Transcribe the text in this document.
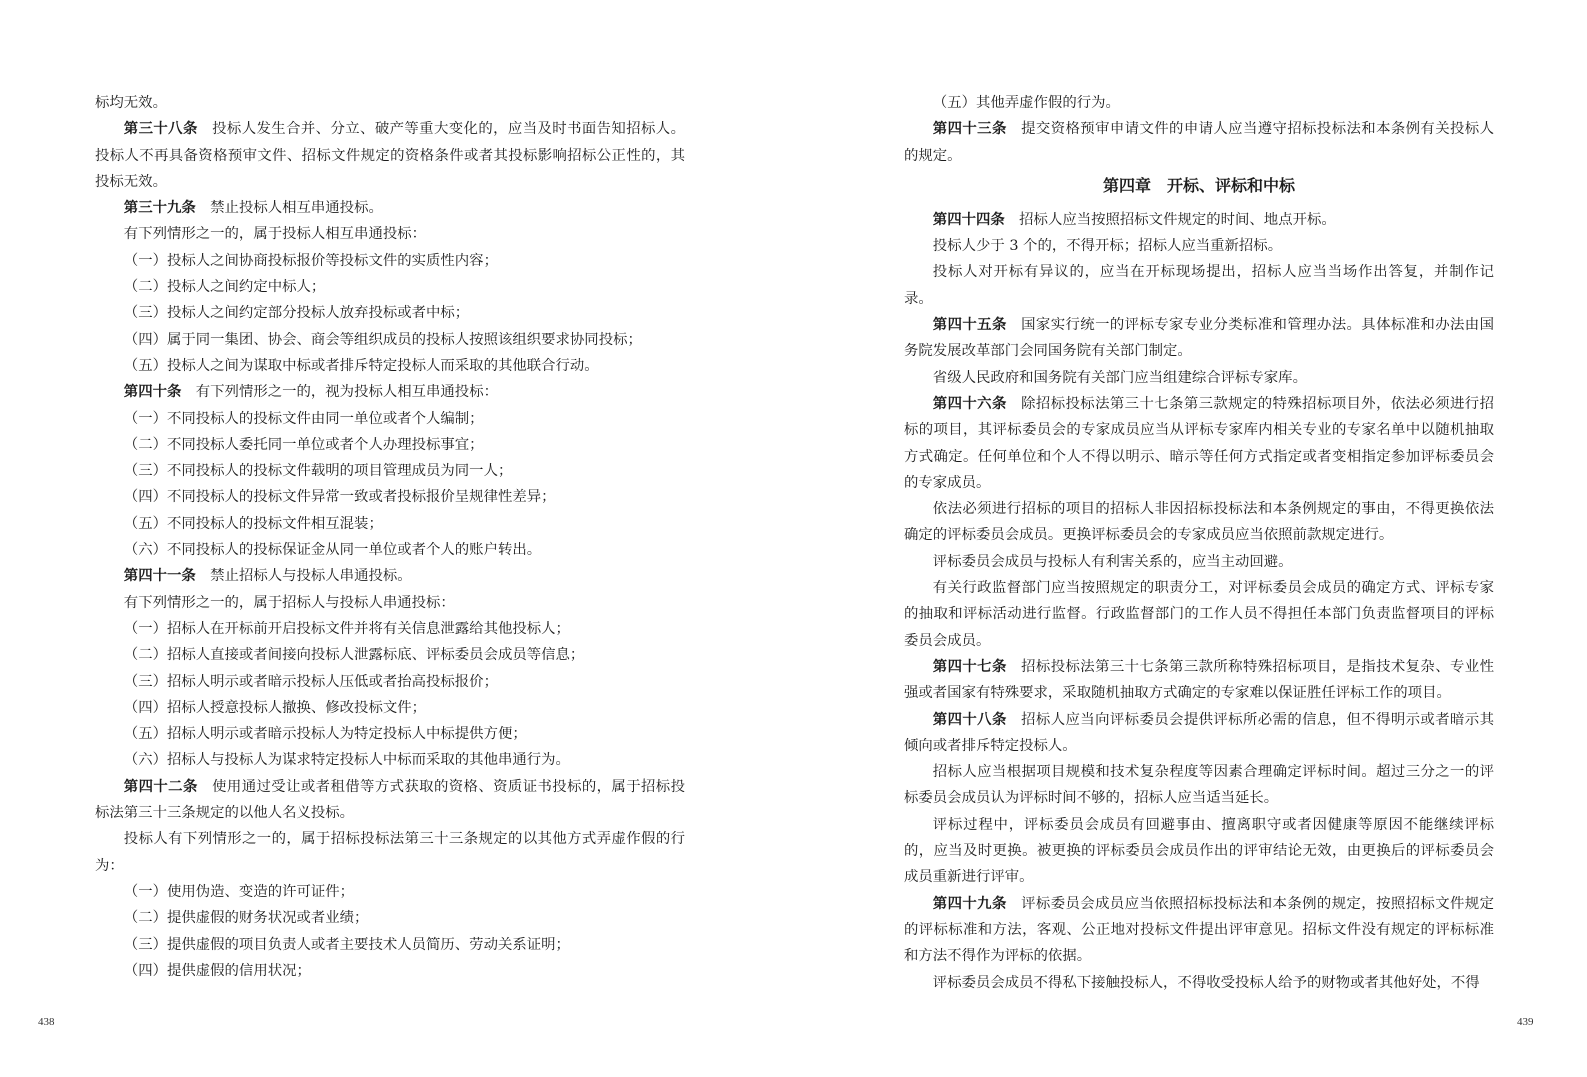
标均无效。

第三十八条 投标人发生合并、分立、破产等重大变化的，应当及时书面告知招标人。投标人不再具备资格预审文件、招标文件规定的资格条件或者其投标影响招标公正性的，其投标无效。

第三十九条 禁止投标人相互串通投标。

有下列情形之一的，属于投标人相互串通投标：

（一）投标人之间协商投标报价等投标文件的实质性内容；

（二）投标人之间约定中标人；

（三）投标人之间约定部分投标人放弃投标或者中标；

（四）属于同一集团、协会、商会等组织成员的投标人按照该组织要求协同投标；

（五）投标人之间为谋取中标或者排斥特定投标人而采取的其他联合行动。

第四十条 有下列情形之一的，视为投标人相互串通投标：

（一）不同投标人的投标文件由同一单位或者个人编制；

（二）不同投标人委托同一单位或者个人办理投标事宜；

（三）不同投标人的投标文件载明的项目管理成员为同一人；

（四）不同投标人的投标文件异常一致或者投标报价呈规律性差异；

（五）不同投标人的投标文件相互混装；

（六）不同投标人的投标保证金从同一单位或者个人的账户转出。

第四十一条 禁止招标人与投标人串通投标。

有下列情形之一的，属于招标人与投标人串通投标：

（一）招标人在开标前开启投标文件并将有关信息泄露给其他投标人；

（二）招标人直接或者间接向投标人泄露标底、评标委员会成员等信息；

（三）招标人明示或者暗示投标人压低或者抬高投标报价；

（四）招标人授意投标人撤换、修改投标文件；

（五）招标人明示或者暗示投标人为特定投标人中标提供方便；

（六）招标人与投标人为谋求特定投标人中标而采取的其他串通行为。

第四十二条 使用通过受让或者租借等方式获取的资格、资质证书投标的，属于招标投标法第三十三条规定的以他人名义投标。

投标人有下列情形之一的，属于招标投标法第三十三条规定的以其他方式弄虚作假的行为：

（一）使用伪造、变造的许可证件；

（二）提供虚假的财务状况或者业绩；

（三）提供虚假的项目负责人或者主要技术人员简历、劳动关系证明；

（四）提供虚假的信用状况；

（五）其他弄虚作假的行为。

第四十三条 提交资格预审申请文件的申请人应当遵守招标投标法和本条例有关投标人的规定。

第四章　开标、评标和中标

第四十四条 招标人应当按照招标文件规定的时间、地点开标。

投标人少于 3 个的，不得开标；招标人应当重新招标。

投标人对开标有异议的，应当在开标现场提出，招标人应当当场作出答复，并制作记录。

第四十五条 国家实行统一的评标专家专业分类标准和管理办法。具体标准和办法由国务院发展改革部门会同国务院有关部门制定。

省级人民政府和国务院有关部门应当组建综合评标专家库。

第四十六条 除招标投标法第三十七条第三款规定的特殊招标项目外，依法必须进行招标的项目，其评标委员会的专家成员应当从评标专家库内相关专业的专家名单中以随机抽取方式确定。任何单位和个人不得以明示、暗示等任何方式指定或者变相指定参加评标委员会的专家成员。

依法必须进行招标的项目的招标人非因招标投标法和本条例规定的事由，不得更换依法确定的评标委员会成员。更换评标委员会的专家成员应当依照前款规定进行。

评标委员会成员与投标人有利害关系的，应当主动回避。

有关行政监督部门应当按照规定的职责分工，对评标委员会成员的确定方式、评标专家的抽取和评标活动进行监督。行政监督部门的工作人员不得担任本部门负责监督项目的评标委员会成员。

第四十七条 招标投标法第三十七条第三款所称特殊招标项目，是指技术复杂、专业性强或者国家有特殊要求，采取随机抽取方式确定的专家难以保证胜任评标工作的项目。

第四十八条 招标人应当向评标委员会提供评标所必需的信息，但不得明示或者暗示其倾向或者排斥特定投标人。

招标人应当根据项目规模和技术复杂程度等因素合理确定评标时间。超过三分之一的评标委员会成员认为评标时间不够的，招标人应当适当延长。

评标过程中，评标委员会成员有回避事由、擅离职守或者因健康等原因不能继续评标的，应当及时更换。被更换的评标委员会成员作出的评审结论无效，由更换后的评标委员会成员重新进行评审。

第四十九条 评标委员会成员应当依照招标投标法和本条例的规定，按照招标文件规定的评标标准和方法，客观、公正地对投标文件提出评审意见。招标文件没有规定的评标标准和方法不得作为评标的依据。

评标委员会成员不得私下接触投标人，不得收受投标人给予的财物或者其他好处，不得

438	439
